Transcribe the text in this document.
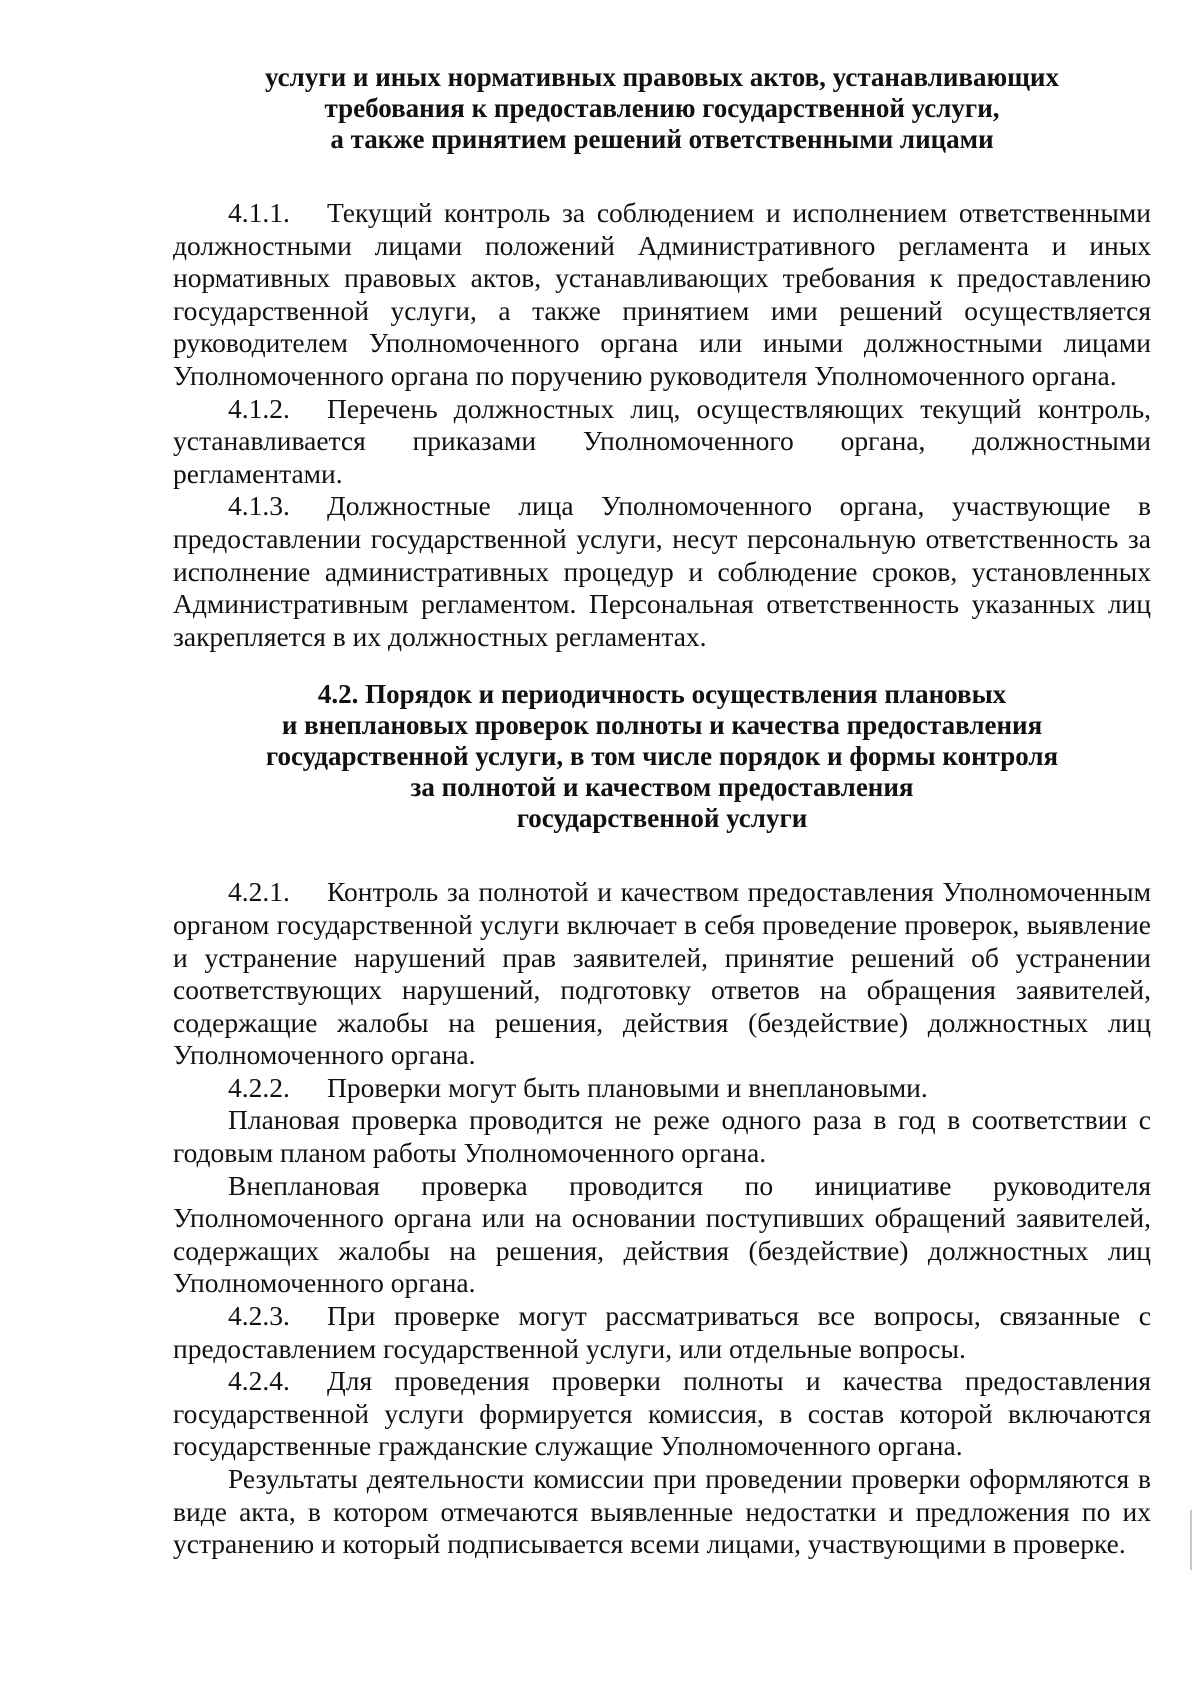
услуги и иных нормативных правовых актов, устанавливающих
требования к предоставлению государственной услуги,
а также принятием решений ответственными лицами

4.1.1. Текущий контроль за соблюдением и исполнением ответственными должностными лицами положений Административного регламента и иных нормативных правовых актов, устанавливающих требования к предоставлению государственной услуги, а также принятием ими решений осуществляется руководителем Уполномоченного органа или иными должностными лицами Уполномоченного органа по поручению руководителя Уполномоченного органа.

4.1.2. Перечень должностных лиц, осуществляющих текущий контроль, устанавливается приказами Уполномоченного органа, должностными регламентами.

4.1.3. Должностные лица Уполномоченного органа, участвующие в предоставлении государственной услуги, несут персональную ответственность за исполнение административных процедур и соблюдение сроков, установленных Административным регламентом. Персональная ответственность указанных лиц закрепляется в их должностных регламентах.

4.2. Порядок и периодичность осуществления плановых
и внеплановых проверок полноты и качества предоставления
государственной услуги, в том числе порядок и формы контроля
за полнотой и качеством предоставления
государственной услуги

4.2.1. Контроль за полнотой и качеством предоставления Уполномоченным органом государственной услуги включает в себя проведение проверок, выявление и устранение нарушений прав заявителей, принятие решений об устранении соответствующих нарушений, подготовку ответов на обращения заявителей, содержащие жалобы на решения, действия (бездействие) должностных лиц Уполномоченного органа.

4.2.2. Проверки могут быть плановыми и внеплановыми.

Плановая проверка проводится не реже одного раза в год в соответствии с годовым планом работы Уполномоченного органа.

Внеплановая проверка проводится по инициативе руководителя Уполномоченного органа или на основании поступивших обращений заявителей, содержащих жалобы на решения, действия (бездействие) должностных лиц Уполномоченного органа.

4.2.3. При проверке могут рассматриваться все вопросы, связанные с предоставлением государственной услуги, или отдельные вопросы.

4.2.4. Для проведения проверки полноты и качества предоставления государственной услуги формируется комиссия, в состав которой включаются государственные гражданские служащие Уполномоченного органа.

Результаты деятельности комиссии при проведении проверки оформляются в виде акта, в котором отмечаются выявленные недостатки и предложения по их устранению и который подписывается всеми лицами, участвующими в проверке.
